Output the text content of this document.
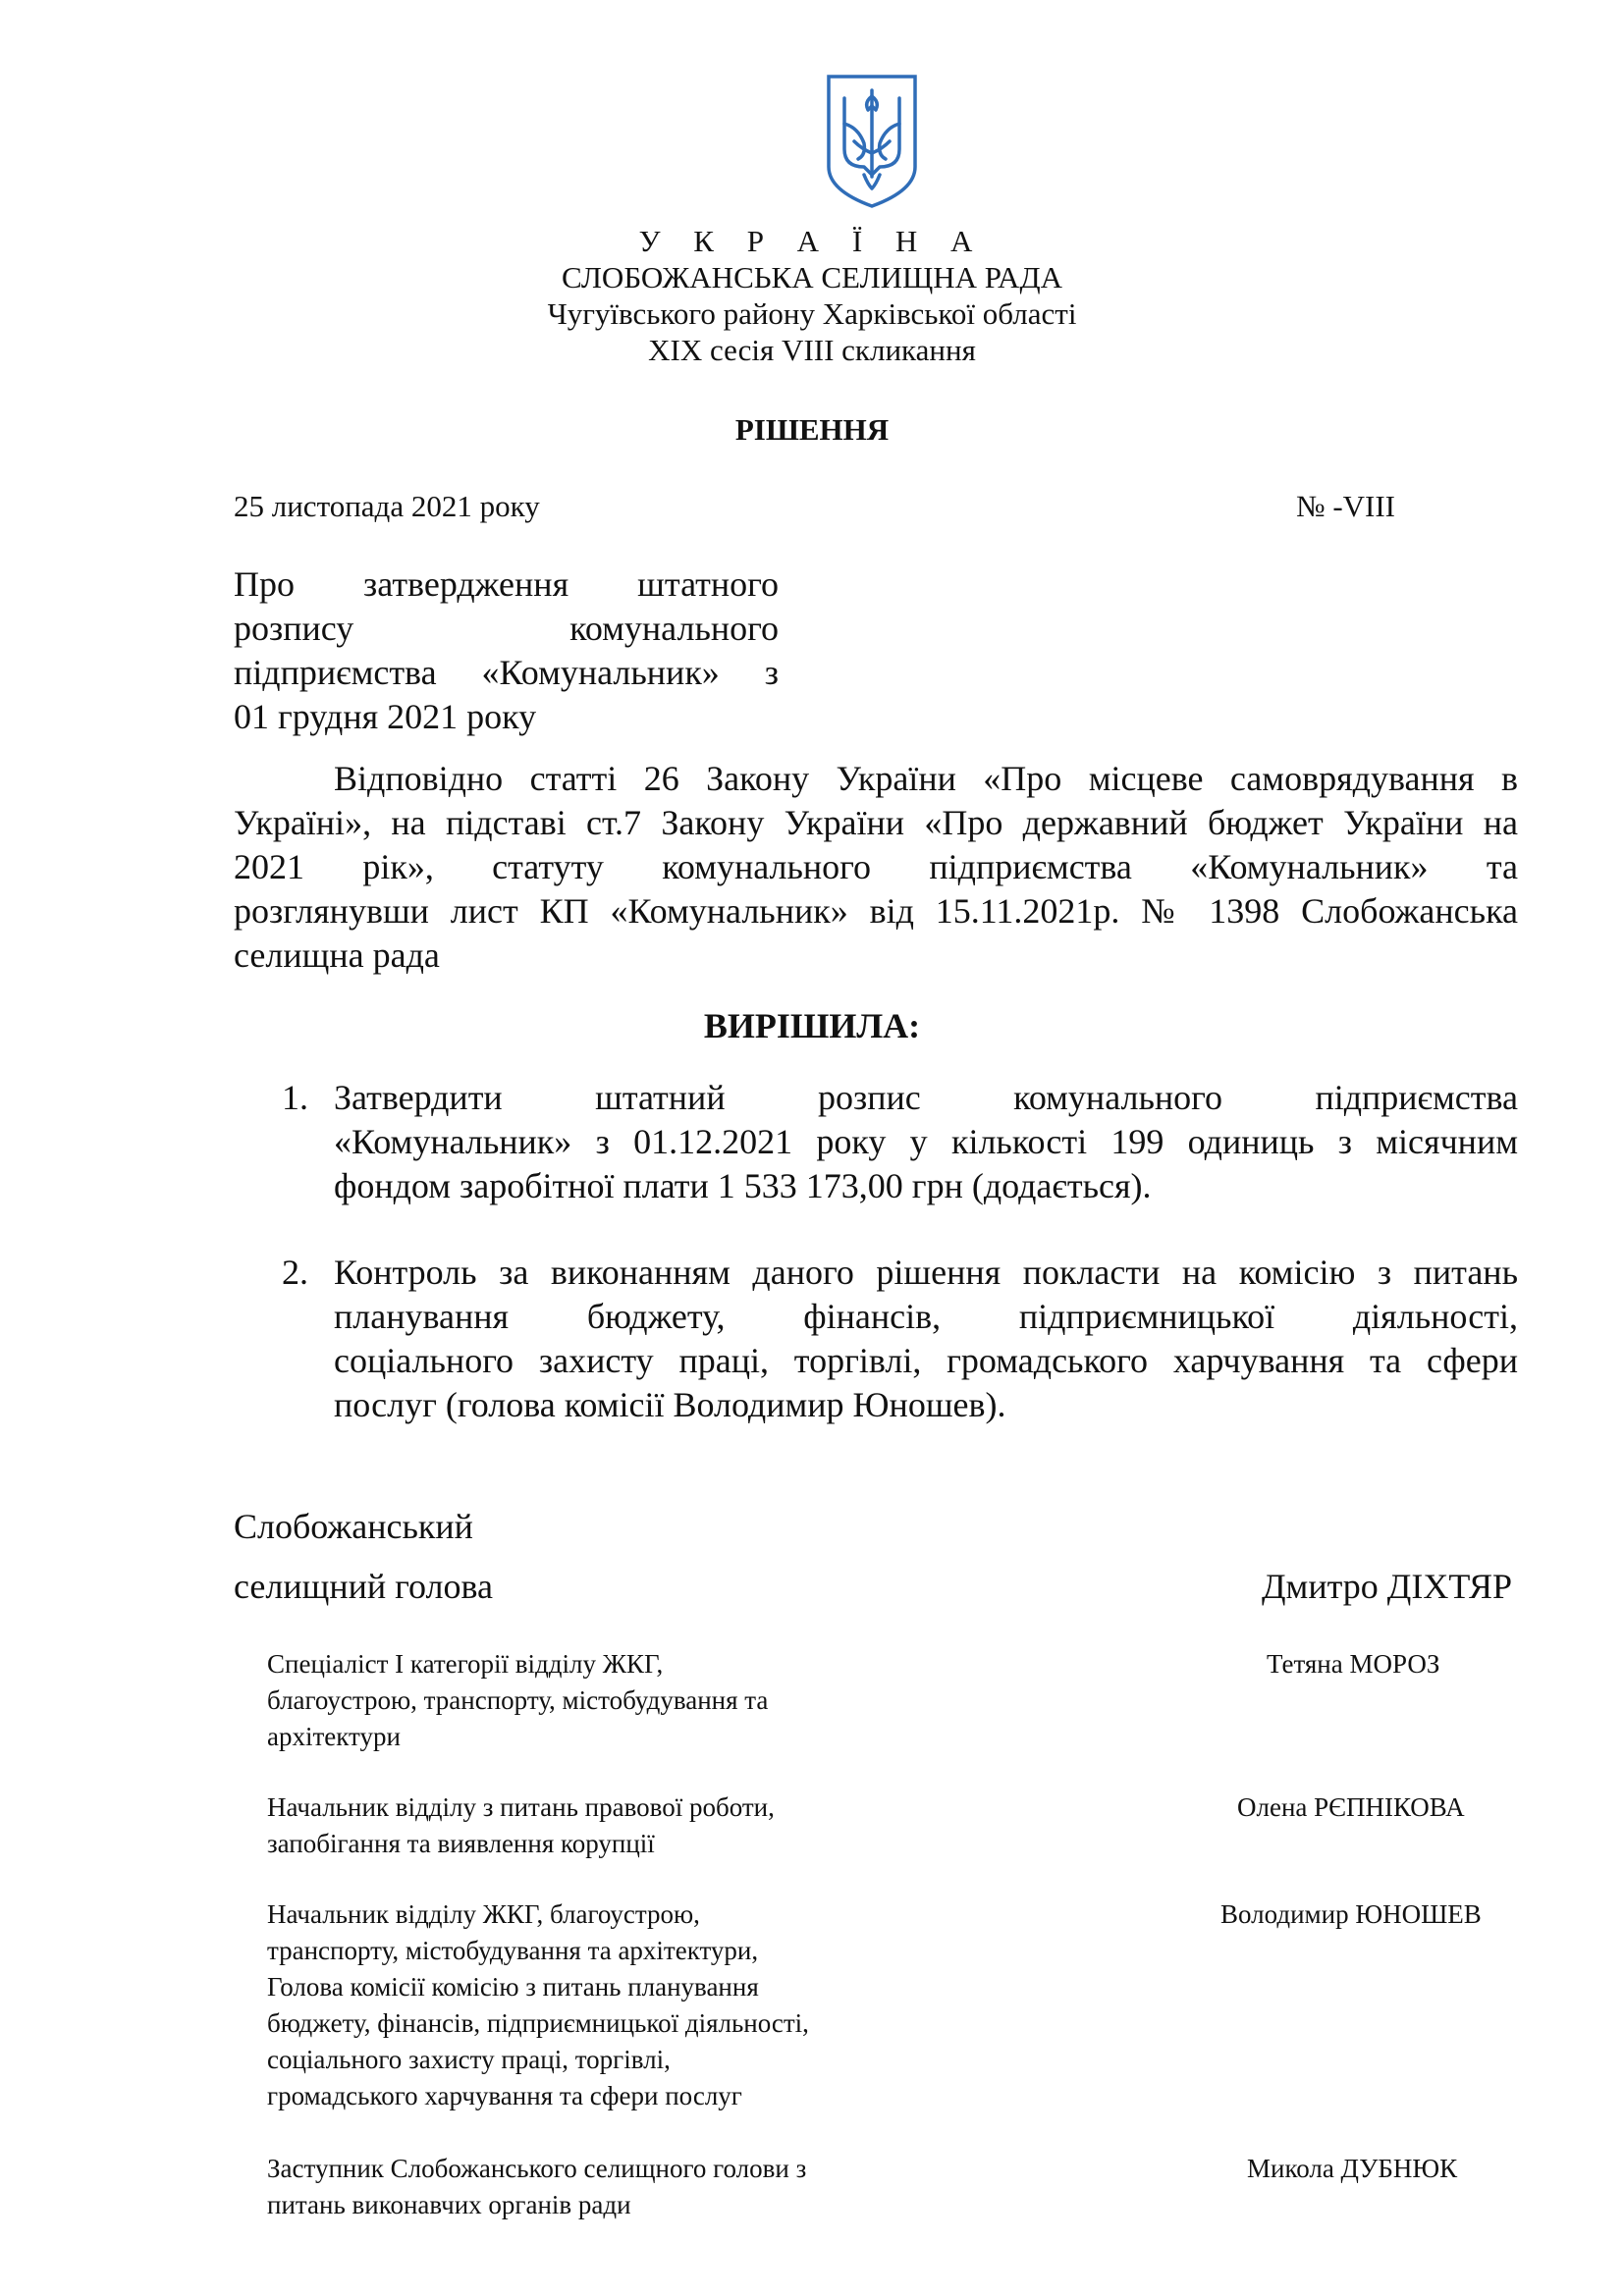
У К Р А Ї Н А
СЛОБОЖАНСЬКА СЕЛИЩНА РАДА
Чугуївського району Харківської області
ХІХ сесія VІІІ скликання
РІШЕННЯ
25 листопада 2021 року	№ -VІІІ
Про затвердження штатного
розпису комунального
підприємства «Комунальник» з
01 грудня 2021 року
Відповідно статті 26 Закону України «Про місцеве самоврядування в
Україні», на підставі ст.7 Закону України «Про державний бюджет України на
2021 рік», статуту комунального підприємства «Комунальник» та
розглянувши лист КП «Комунальник» від 15.11.2021р. № 1398 Слобожанська
селищна рада
ВИРІШИЛА:
1. Затвердити штатний розпис комунального підприємства
«Комунальник» з 01.12.2021 року у кількості 199 одиниць з місячним
фондом заробітної плати 1 533 173,00 грн (додається).
2. Контроль за виконанням даного рішення покласти на комісію з питань
планування бюджету, фінансів, підприємницької діяльності,
соціального захисту праці, торгівлі, громадського харчування та сфери
послуг (голова комісії Володимир Юношев).
Слобожанський
селищний голова	Дмитро ДІХТЯР
Спеціаліст І категорії відділу ЖКГ,
благоустрою, транспорту, містобудування та
архітектури
Тетяна МОРОЗ
Начальник відділу з питань правової роботи,
запобігання та виявлення корупції
Олена РЄПНІКОВА
Начальник відділу ЖКГ, благоустрою,
транспорту, містобудування та архітектури,
Голова комісії комісію з питань планування
бюджету, фінансів, підприємницької діяльності,
соціального захисту праці, торгівлі,
громадського харчування та сфери послуг
Володимир ЮНОШЕВ
Заступник Слобожанського селищного голови з
питань виконавчих органів ради
Микола ДУБНЮК
